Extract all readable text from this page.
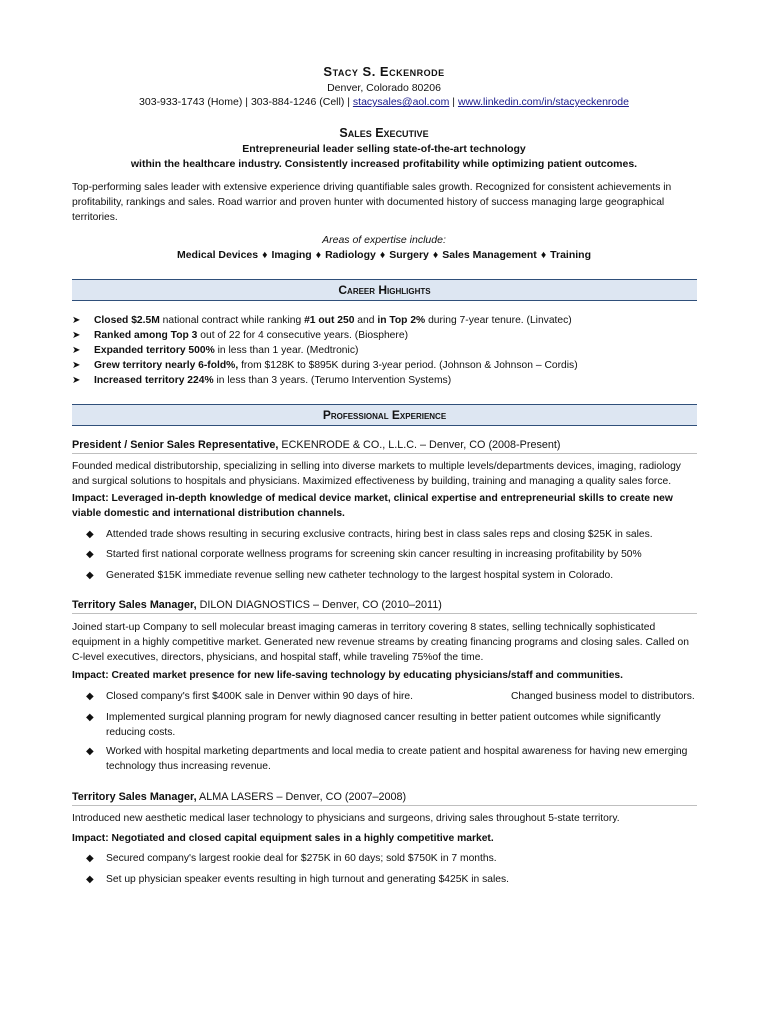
Stacy S. Eckenrode
Denver, Colorado 80206
303-933-1743 (Home) | 303-884-1246 (Cell) | stacysales@aol.com | www.linkedin.com/in/stacyeckenrode
Sales Executive
Entrepreneurial leader selling state-of-the-art technology
within the healthcare industry. Consistently increased profitability while optimizing patient outcomes.
Top-performing sales leader with extensive experience driving quantifiable sales growth. Recognized for consistent achievements in profitability, rankings and sales. Road warrior and proven hunter with documented history of success managing large geographical territories.
Areas of expertise include:
Medical Devices ♦ Imaging ♦ Radiology ♦ Surgery ♦ Sales Management ♦ Training
Career Highlights
➤ Closed $2.5M national contract while ranking #1 out 250 and in Top 2% during 7-year tenure. (Linvatec)
➤ Ranked among Top 3 out of 22 for 4 consecutive years. (Biosphere)
➤ Expanded territory 500% in less than 1 year. (Medtronic)
➤ Grew territory nearly 6-fold%, from $128K to $895K during 3-year period. (Johnson & Johnson – Cordis)
➤ Increased territory 224% in less than 3 years. (Terumo Intervention Systems)
Professional Experience
President / Senior Sales Representative, ECKENRODE & CO., L.L.C. – Denver, CO (2008-Present)
Founded medical distributorship, specializing in selling into diverse markets to multiple levels/departments devices, imaging, radiology and surgical solutions to hospitals and physicians. Maximized effectiveness by building, training and managing a quality sales force.
Impact: Leveraged in-depth knowledge of medical device market, clinical expertise and entrepreneurial skills to create new viable domestic and international distribution channels.
◆ Attended trade shows resulting in securing exclusive contracts, hiring best in class sales reps and closing $25K in sales.
◆ Started first national corporate wellness programs for screening skin cancer resulting in increasing profitability by 50%
◆ Generated $15K immediate revenue selling new catheter technology to the largest hospital system in Colorado.
Territory Sales Manager, DILON DIAGNOSTICS – Denver, CO (2010–2011)
Joined start-up Company to sell molecular breast imaging cameras in territory covering 8 states, selling technically sophisticated equipment in a highly competitive market. Generated new revenue streams by creating financing programs and closing sales. Called on C-level executives, directors, physicians, and hospital staff, while traveling 75%of the time.
Impact: Created market presence for new life-saving technology by educating physicians/staff and communities.
◆ Closed company's first $400K sale in Denver within 90 days of hire.	Changed business model to distributors.
◆ Implemented surgical planning program for newly diagnosed cancer resulting in better patient outcomes while significantly reducing costs.
◆ Worked with hospital marketing departments and local media to create patient and hospital awareness for having new emerging technology thus increasing revenue.
Territory Sales Manager, ALMA LASERS – Denver, CO (2007–2008)
Introduced new aesthetic medical laser technology to physicians and surgeons, driving sales throughout 5-state territory.
Impact: Negotiated and closed capital equipment sales in a highly competitive market.
◆ Secured company's largest rookie deal for $275K in 60 days; sold $750K in 7 months.
◆ Set up physician speaker events resulting in high turnout and generating $425K in sales.
